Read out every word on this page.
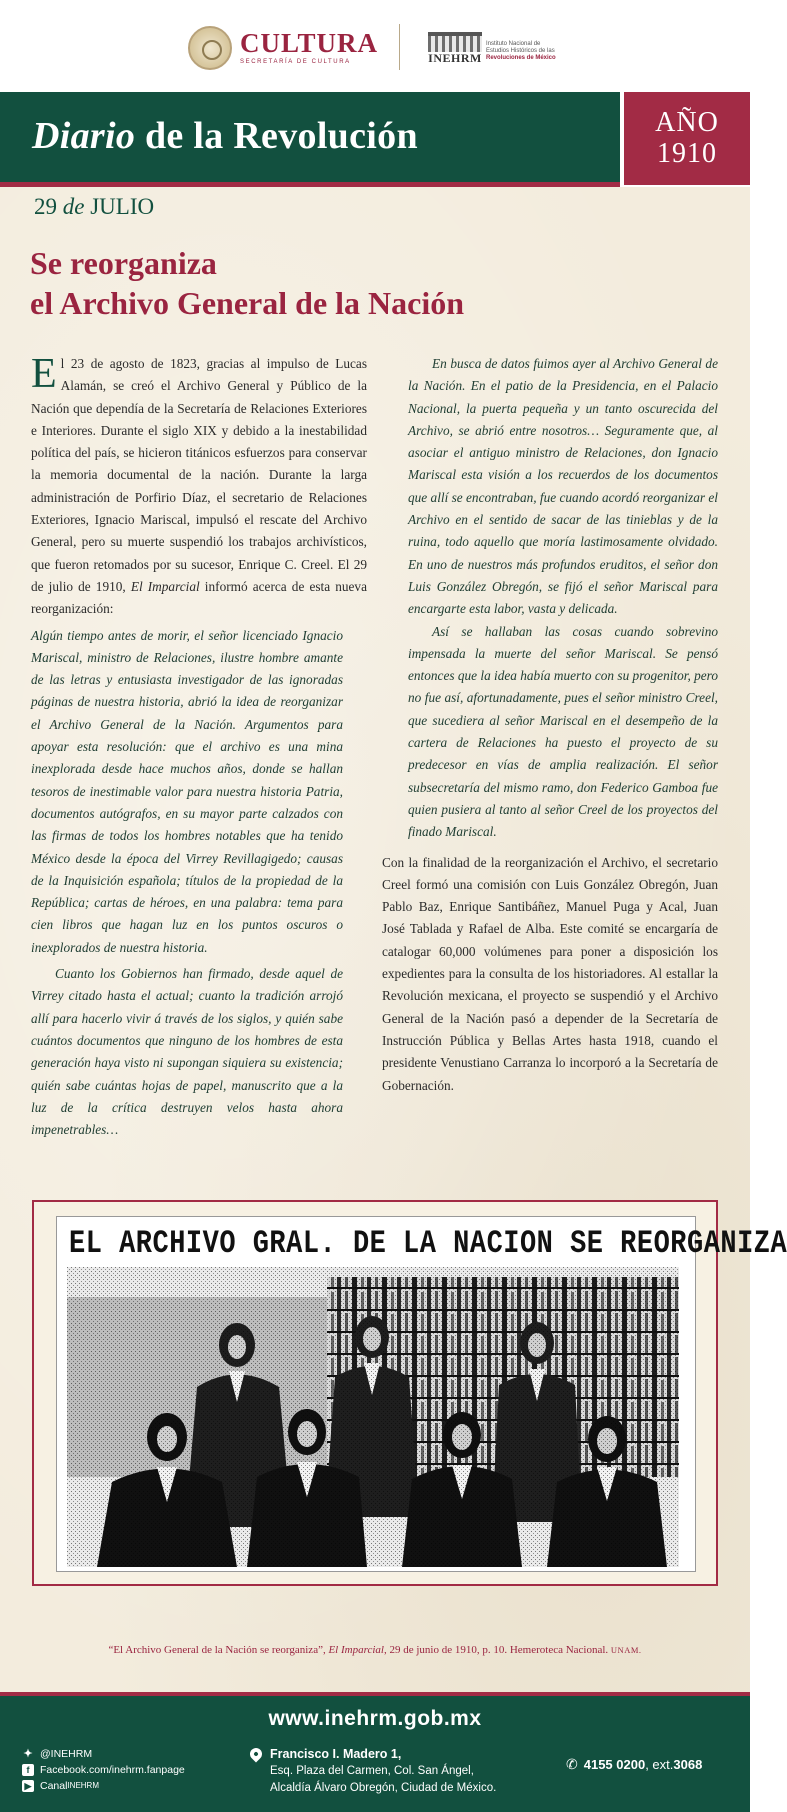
CULTURA
SECRETARÍA DE CULTURA	INEHRM
Instituto Nacional de
Estudios Históricos de las
Revoluciones de México
Diario de la Revolución	AÑO
1910
29 de JULIO
Se reorganiza
el Archivo General de la Nación

El 23 de agosto de 1823, gracias al impulso de Lucas Alamán, se creó el Archivo General y Público de la Nación que dependía de la Secretaría de Relaciones Exteriores e Interiores. Durante el siglo XIX y debido a la inestabilidad política del país, se hicieron titánicos esfuerzos para conservar la memoria documental de la nación. Durante la larga administración de Porfirio Díaz, el secretario de Relaciones Exteriores, Ignacio Mariscal, impulsó el rescate del Archivo General, pero su muerte suspendió los trabajos archivísticos, que fueron retomados por su sucesor, Enrique C. Creel. El 29 de julio de 1910, El Imparcial informó acerca de esta nueva reorganización:

Algún tiempo antes de morir, el señor licenciado Ignacio Mariscal, ministro de Relaciones, ilustre hombre amante de las letras y entusiasta investigador de las ignoradas páginas de nuestra historia, abrió la idea de reorganizar el Archivo General de la Nación. Argumentos para apoyar esta resolución: que el archivo es una mina inexplorada desde hace muchos años, donde se hallan tesoros de inestimable valor para nuestra historia Patria, documentos autógrafos, en su mayor parte calzados con las firmas de todos los hombres notables que ha tenido México desde la época del Virrey Revillagigedo; causas de la Inquisición española; títulos de la propiedad de la República; cartas de héroes, en una palabra: tema para cien libros que hagan luz en los puntos oscuros o inexplorados de nuestra historia.

Cuanto los Gobiernos han firmado, desde aquel de Virrey citado hasta el actual; cuanto la tradición arrojó allí para hacerlo vivir á través de los siglos, y quién sabe cuántos documentos que ninguno de los hombres de esta generación haya visto ni supongan siquiera su existencia; quién sabe cuántas hojas de papel, manuscrito que a la luz de la crítica destruyen velos hasta ahora impenetrables…

En busca de datos fuimos ayer al Archivo General de la Nación. En el patio de la Presidencia, en el Palacio Nacional, la puerta pequeña y un tanto oscurecida del Archivo, se abrió entre nosotros… Seguramente que, al asociar el antiguo ministro de Relaciones, don Ignacio Mariscal esta visión a los recuerdos de los documentos que allí se encontraban, fue cuando acordó reorganizar el Archivo en el sentido de sacar de las tinieblas y de la ruina, todo aquello que moría lastimosamente olvidado. En uno de nuestros más profundos eruditos, el señor don Luis González Obregón, se fijó el señor Mariscal para encargarte esta labor, vasta y delicada.

Así se hallaban las cosas cuando sobrevino impensada la muerte del señor Mariscal. Se pensó entonces que la idea había muerto con su progenitor, pero no fue así, afortunadamente, pues el señor ministro Creel, que sucediera al señor Mariscal en el desempeño de la cartera de Relaciones ha puesto el proyecto de su predecesor en vías de amplia realización. El señor subsecretaría del mismo ramo, don Federico Gamboa fue quien pusiera al tanto al señor Creel de los proyectos del finado Mariscal.

Con la finalidad de la reorganización el Archivo, el secretario Creel formó una comisión con Luis González Obregón, Juan Pablo Baz, Enrique Santibáñez, Manuel Puga y Acal, Juan José Tablada y Rafael de Alba. Este comité se encargaría de catalogar 60,000 volúmenes para poner a disposición los expedientes para la consulta de los historiadores. Al estallar la Revolución mexicana, el proyecto se suspendió y el Archivo General de la Nación pasó a depender de la Secretaría de Instrucción Pública y Bellas Artes hasta 1918, cuando el presidente Venustiano Carranza lo incorporó a la Secretaría de Gobernación.

EL ARCHIVO GRAL. DE LA NACION SE REORGANIZA

“El Archivo General de la Nación se reorganiza”, El Imparcial, 29 de junio de 1910, p. 10. Hemeroteca Nacional. UNAM.

www.inehrm.gob.mx
✦ @INEHRM
f	Facebook.com/inehrm.fanpage
▶ Canal INEHRM
Francisco I. Madero 1,
Esq. Plaza del Carmen, Col. San Ángel,
Alcaldía Álvaro Obregón, Ciudad de México.
✆ 4155 0200 , ext. 3068
